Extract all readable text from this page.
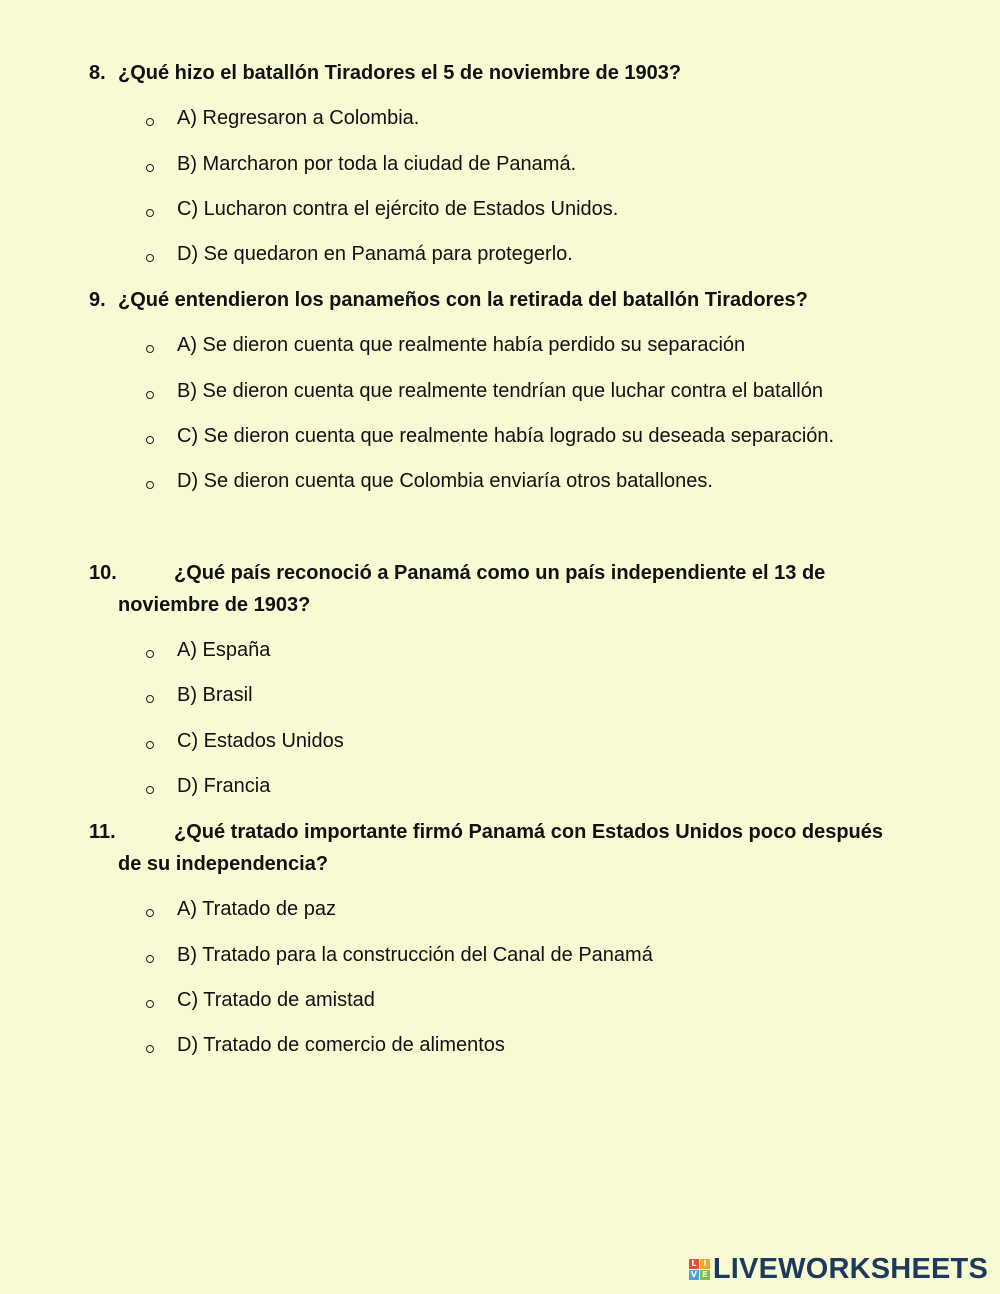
8. ¿Qué hizo el batallón Tiradores el 5 de noviembre de 1903?
A) Regresaron a Colombia.
B) Marcharon por toda la ciudad de Panamá.
C) Lucharon contra el ejército de Estados Unidos.
D) Se quedaron en Panamá para protegerlo.
9. ¿Qué entendieron los panameños con la retirada del batallón Tiradores?
A) Se dieron cuenta que realmente había perdido su separación
B) Se dieron cuenta que realmente tendrían que luchar contra el batallón
C) Se dieron cuenta que realmente había logrado su deseada separación.
D) Se dieron cuenta que Colombia enviaría otros batallones.
10.	¿Qué país reconoció a Panamá como un país independiente el 13 de
noviembre de 1903?
A) España
B) Brasil
C) Estados Unidos
D) Francia
11.	¿Qué tratado importante firmó Panamá con Estados Unidos poco después
de su independencia?
A) Tratado de paz
B) Tratado para la construcción del Canal de Panamá
C) Tratado de amistad
D) Tratado de comercio de alimentos
L I
V E LIVEWORKSHEETS
